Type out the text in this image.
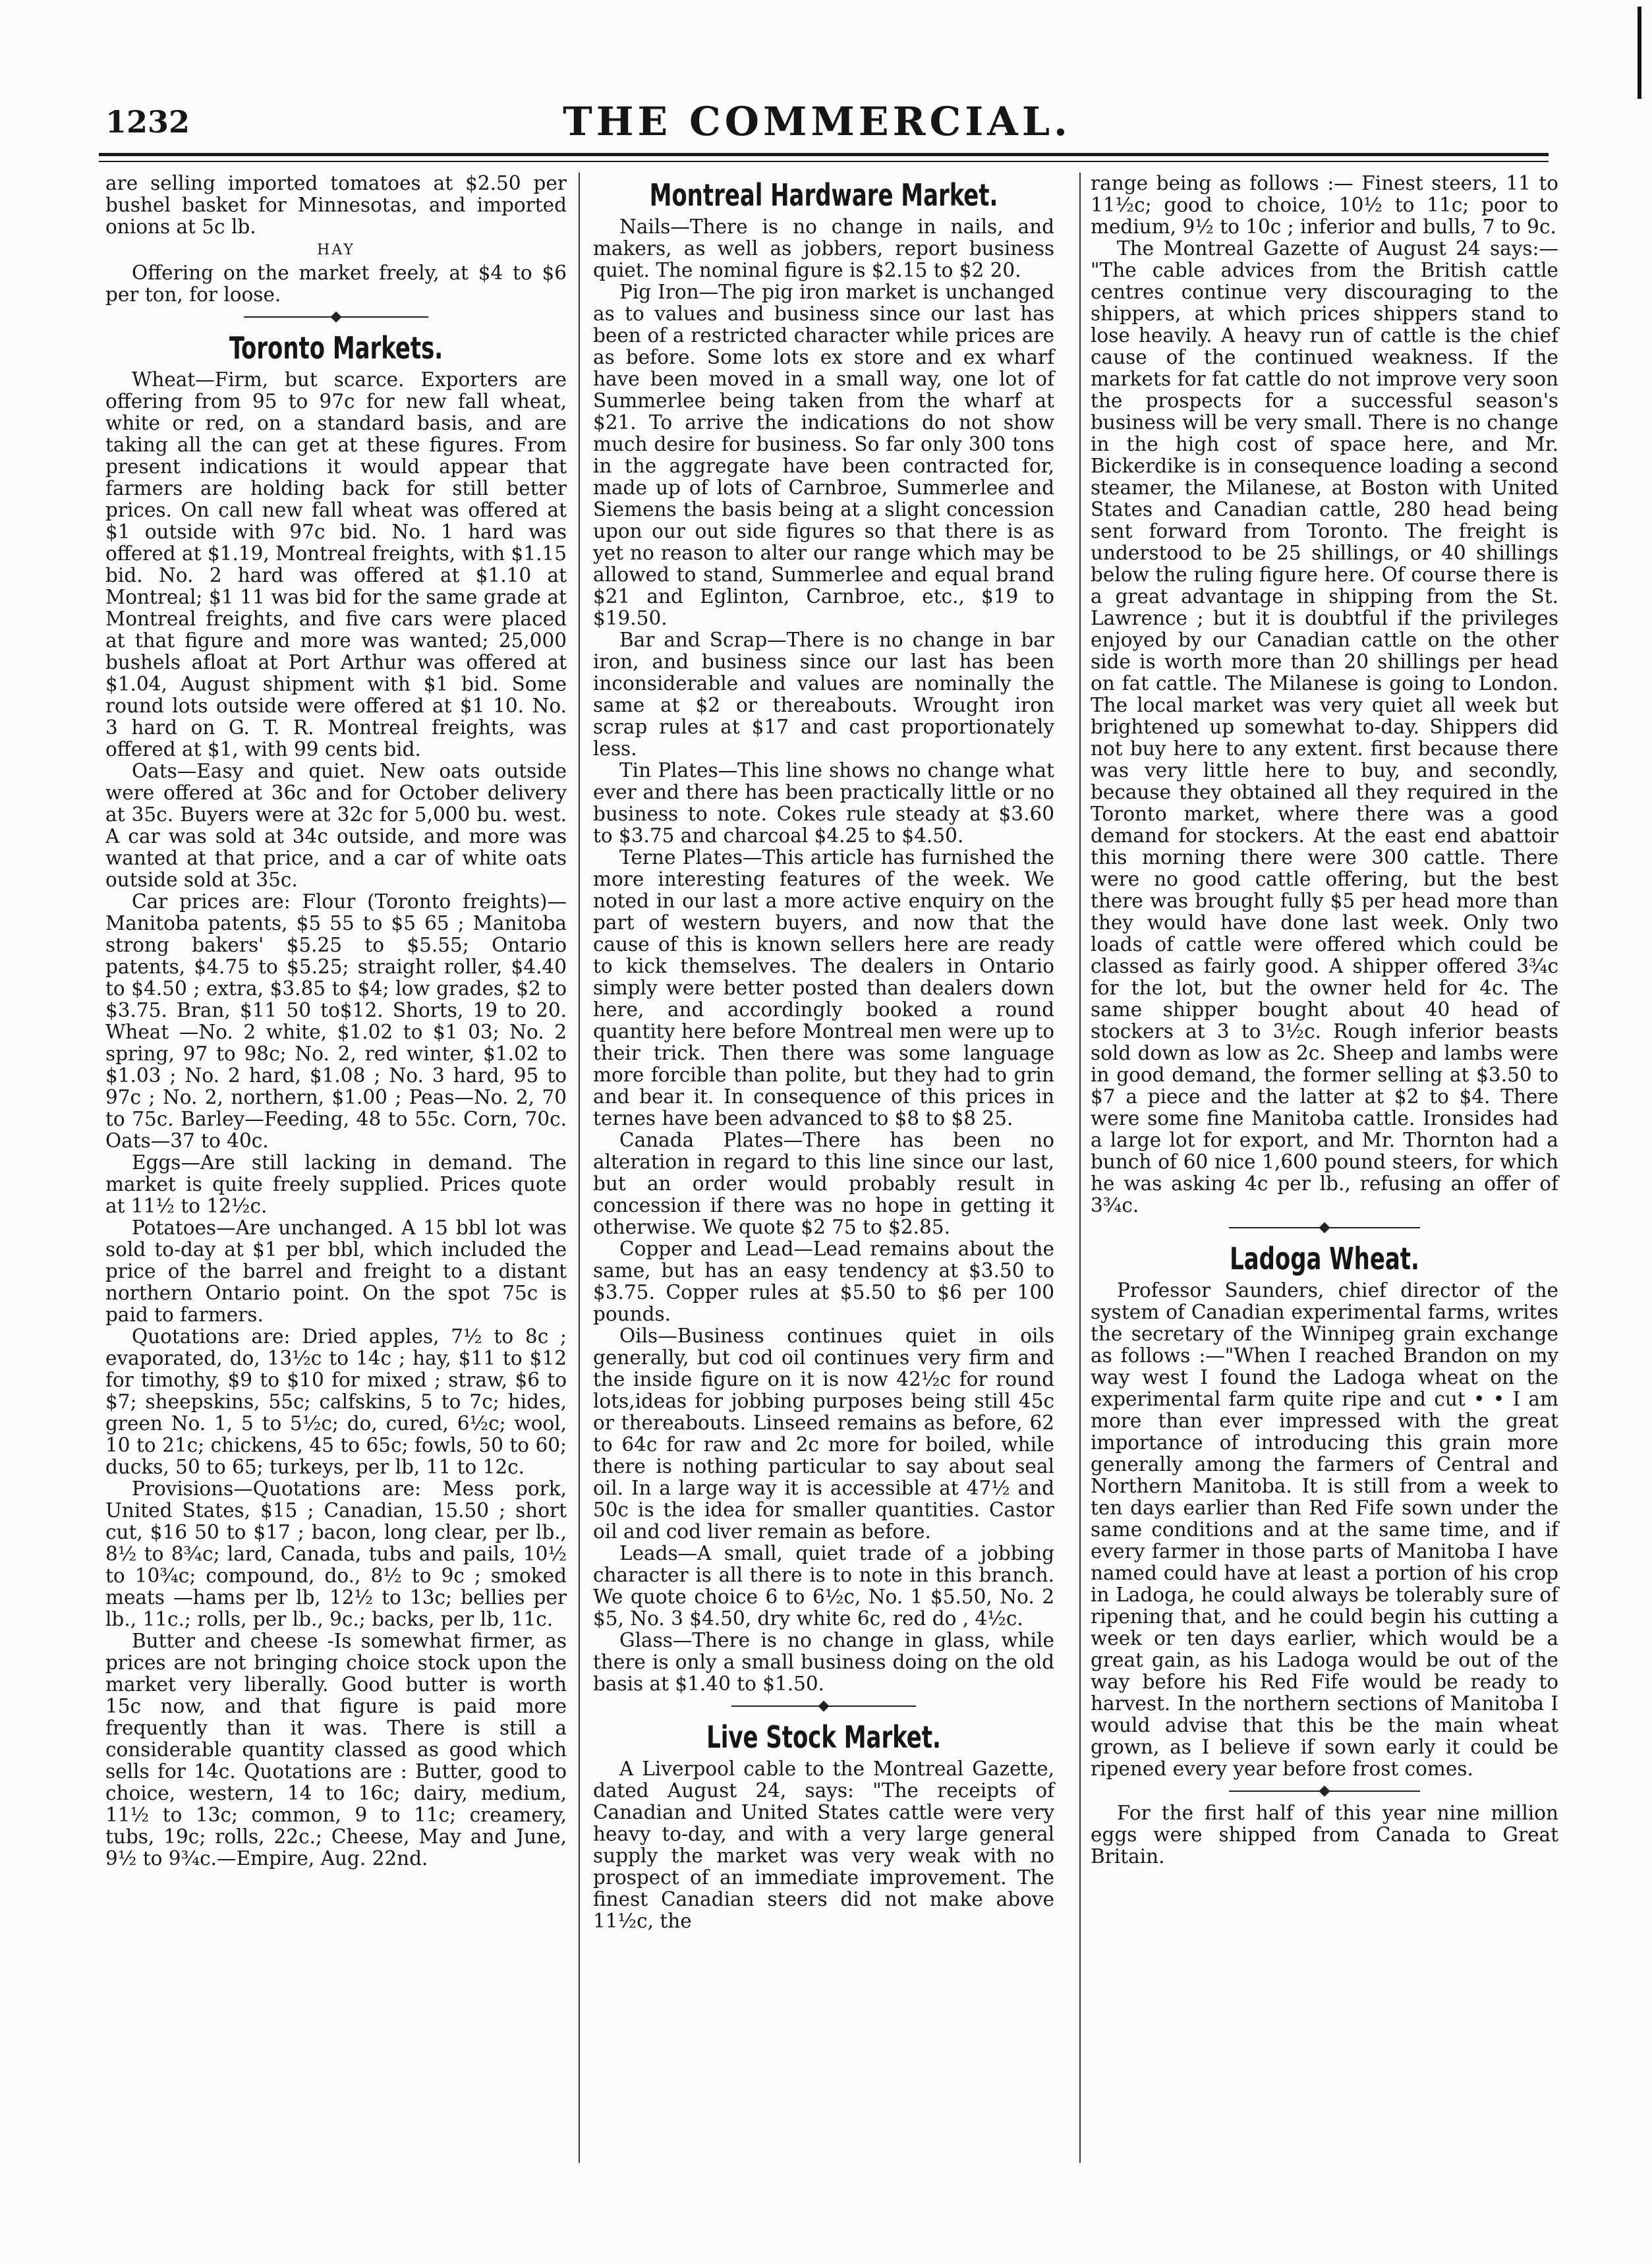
1232	THE COMMERCIAL.

are selling imported tomatoes at $2.50 per bushel basket for Minnesotas, and imported onions at 5c lb.

HAY

Offering on the market freely, at $4 to $6 per ton, for loose.

Toronto Markets.

Wheat—Firm, but scarce. Exporters are offering from 95 to 97c for new fall wheat, white or red, on a standard basis, and are taking all the can get at these figures. From present indications it would appear that farmers are holding back for still better prices. On call new fall wheat was offered at $1 outside with 97c bid. No. 1 hard was offered at $1.19, Montreal freights, with $1.15 bid. No. 2 hard was offered at $1.10 at Montreal; $1 11 was bid for the same grade at Montreal freights, and five cars were placed at that figure and more was wanted; 25,000 bushels afloat at Port Arthur was offered at $1.04, August shipment with $1 bid. Some round lots outside were offered at $1 10. No. 3 hard on G. T. R. Montreal freights, was offered at $1, with 99 cents bid.

Oats—Easy and quiet. New oats outside were offered at 36c and for October delivery at 35c. Buyers were at 32c for 5,000 bu. west. A car was sold at 34c outside, and more was wanted at that price, and a car of white oats outside sold at 35c.

Car prices are: Flour (Toronto freights)—Manitoba patents, $5 55 to $5 65 ; Manitoba strong bakers' $5.25 to $5.55; Ontario patents, $4.75 to $5.25; straight roller, $4.40 to $4.50 ; extra, $3.85 to $4; low grades, $2 to $3.75. Bran, $11 50 to$12. Shorts, 19 to 20. Wheat —No. 2 white, $1.02 to $1 03; No. 2 spring, 97 to 98c; No. 2, red winter, $1.02 to $1.03 ; No. 2 hard, $1.08 ; No. 3 hard, 95 to 97c ; No. 2, northern, $1.00 ; Peas—No. 2, 70 to 75c. Barley—Feeding, 48 to 55c. Corn, 70c. Oats—37 to 40c.

Eggs—Are still lacking in demand. The market is quite freely supplied. Prices quote at 11½ to 12½c.

Potatoes—Are unchanged. A 15 bbl lot was sold to-day at $1 per bbl, which included the price of the barrel and freight to a distant northern Ontario point. On the spot 75c is paid to farmers.

Quotations are: Dried apples, 7½ to 8c ; evaporated, do, 13½c to 14c ; hay, $11 to $12 for timothy, $9 to $10 for mixed ; straw, $6 to $7; sheepskins, 55c; calfskins, 5 to 7c; hides, green No. 1, 5 to 5½c; do, cured, 6½c; wool, 10 to 21c; chickens, 45 to 65c; fowls, 50 to 60; ducks, 50 to 65; turkeys, per lb, 11 to 12c.

Provisions—Quotations are: Mess pork, United States, $15 ; Canadian, 15.50 ; short cut, $16 50 to $17 ; bacon, long clear, per lb., 8½ to 8¾c; lard, Canada, tubs and pails, 10½ to 10¾c; compound, do., 8½ to 9c ; smoked meats —hams per lb, 12½ to 13c; bellies per lb., 11c.; rolls, per lb., 9c.; backs, per lb, 11c.

Butter and cheese -Is somewhat firmer, as prices are not bringing choice stock upon the market very liberally. Good butter is worth 15c now, and that figure is paid more frequently than it was. There is still a considerable quantity classed as good which sells for 14c. Quotations are : Butter, good to choice, western, 14 to 16c; dairy, medium, 11½ to 13c; common, 9 to 11c; creamery, tubs, 19c; rolls, 22c.; Cheese, May and June, 9½ to 9¾c.—Empire, Aug. 22nd.

Montreal Hardware Market.

Nails—There is no change in nails, and makers, as well as jobbers, report business quiet. The nominal figure is $2.15 to $2 20.

Pig Iron—The pig iron market is unchanged as to values and business since our last has been of a restricted character while prices are as before. Some lots ex store and ex wharf have been moved in a small way, one lot of Summerlee being taken from the wharf at $21. To arrive the indications do not show much desire for business. So far only 300 tons in the aggregate have been contracted for, made up of lots of Carnbroe, Summerlee and Siemens the basis being at a slight concession upon our out side figures so that there is as yet no reason to alter our range which may be allowed to stand, Summerlee and equal brand $21 and Eglinton, Carnbroe, etc., $19 to $19.50.

Bar and Scrap—There is no change in bar iron, and business since our last has been inconsiderable and values are nominally the same at $2 or thereabouts. Wrought iron scrap rules at $17 and cast proportionately less.

Tin Plates—This line shows no change what ever and there has been practically little or no business to note. Cokes rule steady at $3.60 to $3.75 and charcoal $4.25 to $4.50.

Terne Plates—This article has furnished the more interesting features of the week. We noted in our last a more active enquiry on the part of western buyers, and now that the cause of this is known sellers here are ready to kick themselves. The dealers in Ontario simply were better posted than dealers down here, and accordingly booked a round quantity here before Montreal men were up to their trick. Then there was some language more forcible than polite, but they had to grin and bear it. In consequence of this prices in ternes have been advanced to $8 to $8 25.

Canada Plates—There has been no alteration in regard to this line since our last, but an order would probably result in concession if there was no hope in getting it otherwise. We quote $2 75 to $2.85.

Copper and Lead—Lead remains about the same, but has an easy tendency at $3.50 to $3.75. Copper rules at $5.50 to $6 per 100 pounds.

Oils—Business continues quiet in oils generally, but cod oil continues very firm and the inside figure on it is now 42½c for round lots,ideas for jobbing purposes being still 45c or thereabouts. Linseed remains as before, 62 to 64c for raw and 2c more for boiled, while there is nothing particular to say about seal oil. In a large way it is accessible at 47½ and 50c is the idea for smaller quantities. Castor oil and cod liver remain as before.

Leads—A small, quiet trade of a jobbing character is all there is to note in this branch. We quote choice 6 to 6½c, No. 1 $5.50, No. 2 $5, No. 3 $4.50, dry white 6c, red do , 4½c.

Glass—There is no change in glass, while there is only a small business doing on the old basis at $1.40 to $1.50.

Live Stock Market.

A Liverpool cable to the Montreal Gazette, dated August 24, says: "The receipts of Canadian and United States cattle were very heavy to-day, and with a very large general supply the market was very weak with no prospect of an immediate improvement. The finest Canadian steers did not make above 11½c, the

range being as follows :— Finest steers, 11 to 11½c; good to choice, 10½ to 11c; poor to medium, 9½ to 10c ; inferior and bulls, 7 to 9c.

The Montreal Gazette of August 24 says:— "The cable advices from the British cattle centres continue very discouraging to the shippers, at which prices shippers stand to lose heavily. A heavy run of cattle is the chief cause of the continued weakness. If the markets for fat cattle do not improve very soon the prospects for a successful season's business will be very small. There is no change in the high cost of space here, and Mr. Bickerdike is in consequence loading a second steamer, the Milanese, at Boston with United States and Canadian cattle, 280 head being sent forward from Toronto. The freight is understood to be 25 shillings, or 40 shillings below the ruling figure here. Of course there is a great advantage in shipping from the St. Lawrence ; but it is doubtful if the privileges enjoyed by our Canadian cattle on the other side is worth more than 20 shillings per head on fat cattle. The Milanese is going to London. The local market was very quiet all week but brightened up somewhat to-day. Shippers did not buy here to any extent. first because there was very little here to buy, and secondly, because they obtained all they required in the Toronto market, where there was a good demand for stockers. At the east end abattoir this morning there were 300 cattle. There were no good cattle offering, but the best there was brought fully $5 per head more than they would have done last week. Only two loads of cattle were offered which could be classed as fairly good. A shipper offered 3¾c for the lot, but the owner held for 4c. The same shipper bought about 40 head of stockers at 3 to 3½c. Rough inferior beasts sold down as low as 2c. Sheep and lambs were in good demand, the former selling at $3.50 to $7 a piece and the latter at $2 to $4. There were some fine Manitoba cattle. Ironsides had a large lot for export, and Mr. Thornton had a bunch of 60 nice 1,600 pound steers, for which he was asking 4c per lb., refusing an offer of 3¾c.

Ladoga Wheat.

Professor Saunders, chief director of the system of Canadian experimental farms, writes the secretary of the Winnipeg grain exchange as follows :—"When I reached Brandon on my way west I found the Ladoga wheat on the experimental farm quite ripe and cut • • I am more than ever impressed with the great importance of introducing this grain more generally among the farmers of Central and Northern Manitoba. It is still from a week to ten days earlier than Red Fife sown under the same conditions and at the same time, and if every farmer in those parts of Manitoba I have named could have at least a portion of his crop in Ladoga, he could always be tolerably sure of ripening that, and he could begin his cutting a week or ten days earlier, which would be a great gain, as his Ladoga would be out of the way before his Red Fife would be ready to harvest. In the northern sections of Manitoba I would advise that this be the main wheat grown, as I believe if sown early it could be ripened every year before frost comes.

For the first half of this year nine million eggs were shipped from Canada to Great Britain.
